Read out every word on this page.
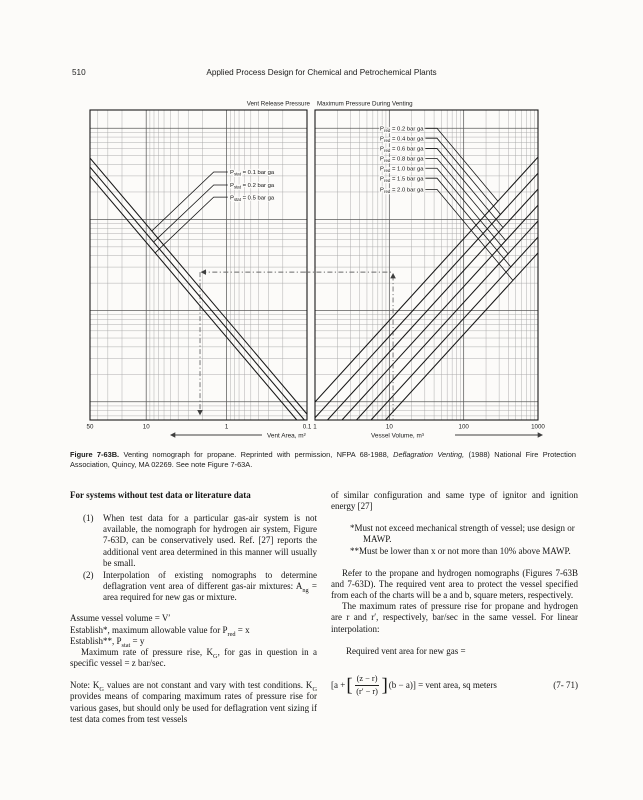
510	Applied Process Design for Chemical and Petrochemical Plants
$P_{stat} = 0.1$ bar ga
$P_{stat} = 0.2$ bar ga
$P_{stat} = 0.5$ bar ga
Vent Release Pressure
50	10	1	0.1
Vent Area, m²
$P_{red} = 0.2$ bar ga
$P_{red} = 0.4$ bar ga
$P_{red} = 0.6$ bar ga
$P_{red} = 0.8$ bar ga
$P_{red} = 1.0$ bar ga
$P_{red} = 1.5$ bar ga
$P_{red} = 2.0$ bar ga
Maximum Pressure During Venting
1	10	100	1000
Vessel Volume, m³

Figure 7-63B. Venting nomograph for propane. Reprinted with permission, NFPA 68-1988, Deflagration Venting, (1988) National Fire Protection Association, Quincy, MA 02269. See note Figure 7-63A.

For systems without test data or literature data

(1) When test data for a particular gas-air system is not available, the nomograph for hydrogen air system, Figure 7-63D, can be conservatively used. Ref. [27] reports the additional vent area determined in this manner will usually be small.
(2) Interpolation of existing nomographs to determine deflagration vent area of different gas-air mixtures: $A_{ng}$ = area required for new gas or mixture.

Assume vessel volume = V′

Establish*, maximum allowable value for $P_{red} = x$

Establish**, $P_{stat} = y$

Maximum rate of pressure rise, $K_G$, for gas in question in a specific vessel = z bar/sec.

Note: $K_G$ values are not constant and vary with test conditions. $K_G$ provides means of comparing maximum rates of pressure rise for various gases, but should only be used for deflagration vent sizing if test data comes from test vessels

of similar configuration and same type of ignitor and ignition energy [27]

*Must not exceed mechanical strength of vessel; use design or MAWP.

**Must be lower than x or not more than 10% above MAWP.

Refer to the propane and hydrogen nomographs (Figures 7-63B and 7-63D). The required vent area to protect the vessel specified from each of the charts will be a and b, square meters, respectively.

The maximum rates of pressure rise for propane and hydrogen are r and r′, respectively, bar/sec in the same vessel. For linear interpolation:

Required vent area for new gas =

[a + [ $\frac{(z - r)}{(r' - r)}$ ] (b − a)] = vent area, sq meters	(7- 71)
